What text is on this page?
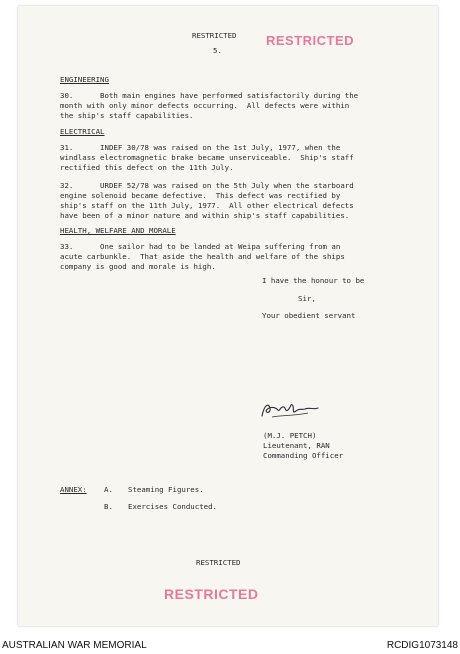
RESTRICTED RESTRICTED
5.
ENGINEERING
30.      Both main engines have performed satisfactorily during the
month with only minor defects occurring.  All defects were within
the ship's staff capabilities.
ELECTRICAL
31.      INDEF 30/78 was raised on the 1st July, 1977, when the
windlass electromagnetic brake became unserviceable.  Ship's staff
rectified this defect on the 11th July.
32.      URDEF 52/78 was raised on the 5th July when the starboard
engine solenoid became defective.  This defect was rectified by
ship's staff on the 11th July, 1977.  All other electrical defects
have been of a minor nature and within ship's staff capabilities.
HEALTH, WELFARE AND MORALE
33.      One sailor had to be landed at Weipa suffering from an
acute carbunkle.  That aside the health and welfare of the ships
company is good and morale is high.
I have the honour to be
Sir,
Your obedient servant
(M.J. PETCH)
Lieutenant, RAN
Commanding Officer
ANNEX: A. Steaming Figures.
B. Exercises Conducted.
RESTRICTED
RESTRICTED
AUSTRALIAN WAR MEMORIAL	RCDIG1073148
